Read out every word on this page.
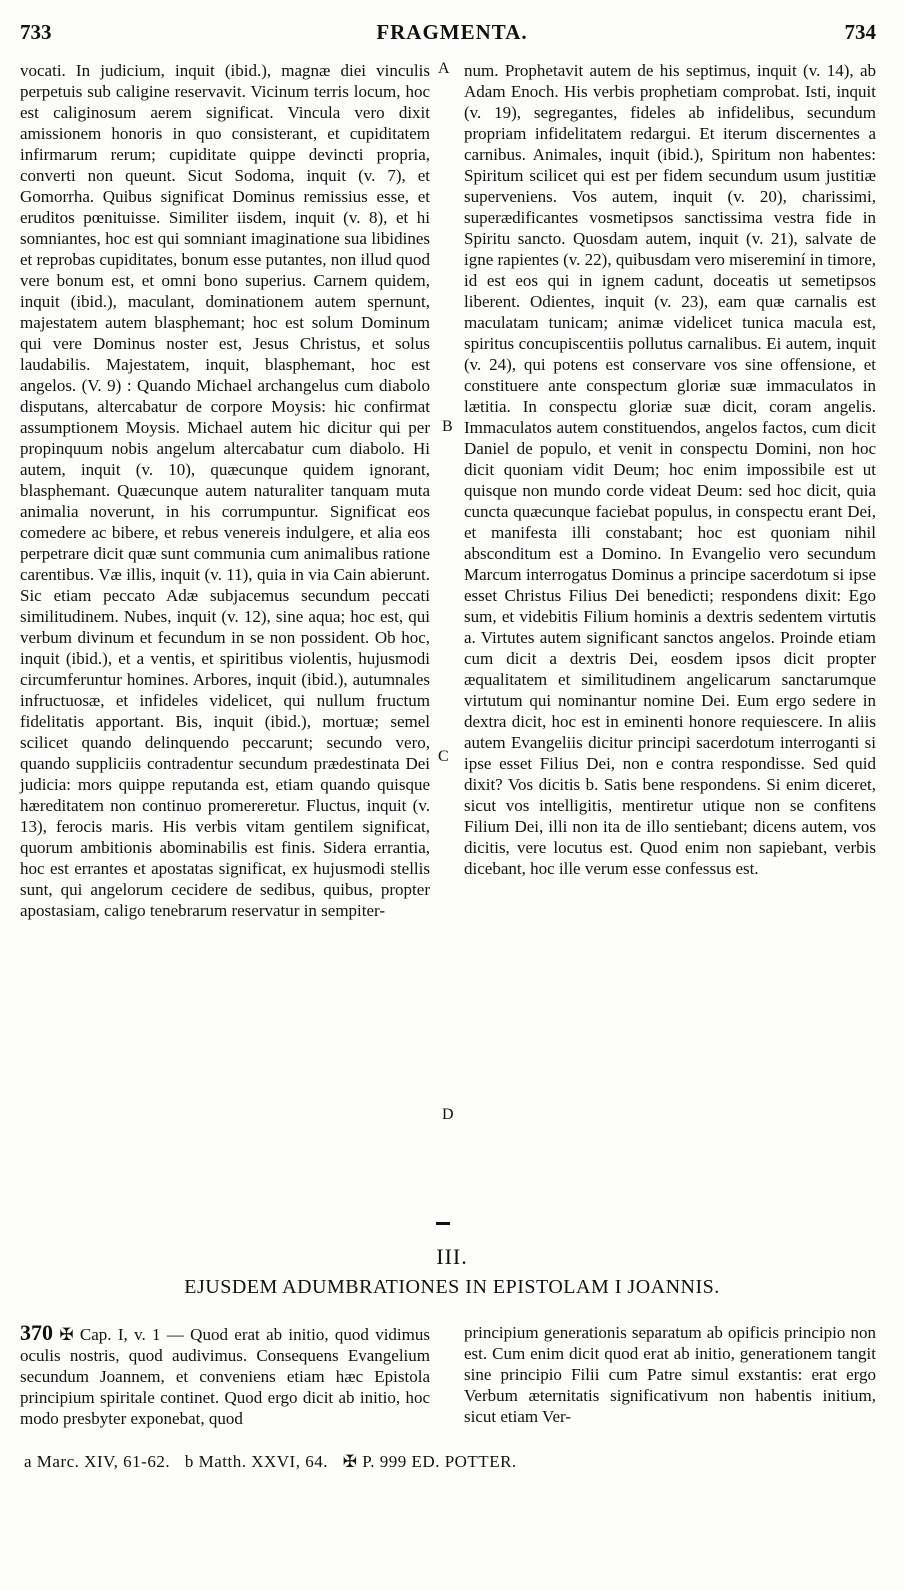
733	FRAGMENTA.	734

vocati. In judicium, inquit (ibid.), magnæ diei vinculis perpetuis sub caligine reservavit. Vicinum terris locum, hoc est caliginosum aerem significat. Vincula vero dixit amissionem honoris in quo consisterant, et cupiditatem infirmarum rerum; cupiditate quippe devincti propria, converti non queunt. Sicut Sodoma, inquit (v. 7), et Gomorrha. Quibus significat Dominus remissius esse, et eruditos pœnituisse. Similiter iisdem, inquit (v. 8), et hi somniantes, hoc est qui somniant imaginatione sua libidines et reprobas cupiditates, bonum esse putantes, non illud quod vere bonum est, et omni bono superius. Carnem quidem, inquit (ibid.), maculant, dominationem autem spernunt, majestatem autem blasphemant; hoc est solum Dominum qui vere Dominus noster est, Jesus Christus, et solus laudabilis. Majestatem, inquit, blasphemant, hoc est angelos. (V. 9) : Quando Michael archangelus cum diabolo disputans, altercabatur de corpore Moysis: hic confirmat assumptionem Moysis. Michael autem hic dicitur qui per propinquum nobis angelum altercabatur cum diabolo. Hi autem, inquit (v. 10), quæcunque quidem ignorant, blasphemant. Quæcunque autem naturaliter tanquam muta animalia noverunt, in his corrumpuntur. Significat eos comedere ac bibere, et rebus venereis indulgere, et alia eos perpetrare dicit quæ sunt communia cum animalibus ratione carentibus. Væ illis, inquit (v. 11), quia in via Cain abierunt. Sic etiam peccato Adæ subjacemus secundum peccati similitudinem. Nubes, inquit (v. 12), sine aqua; hoc est, qui verbum divinum et fecundum in se non possident. Ob hoc, inquit (ibid.), et a ventis, et spiritibus violentis, hujusmodi circumferuntur homines. Arbores, inquit (ibid.), autumnales infructuosæ, et infideles videlicet, qui nullum fructum fidelitatis apportant. Bis, inquit (ibid.), mortuæ; semel scilicet quando delinquendo peccarunt; secundo vero, quando suppliciis contradentur secundum prædestinata Dei judicia: mors quippe reputanda est, etiam quando quisque hæreditatem non continuo promereretur. Fluctus, inquit (v. 13), ferocis maris. His verbis vitam gentilem significat, quorum ambitionis abominabilis est finis. Sidera errantia, hoc est errantes et apostatas significat, ex hujusmodi stellis sunt, qui angelorum cecidere de sedibus, quibus, propter apostasiam, caligo tenebrarum reservatur in sempiter-

A
B
C
D

num. Prophetavit autem de his septimus, inquit (v. 14), ab Adam Enoch. His verbis prophetiam comprobat. Isti, inquit (v. 19), segregantes, fideles ab infidelibus, secundum propriam infidelitatem redargui. Et iterum discernentes a carnibus. Animales, inquit (ibid.), Spiritum non habentes: Spiritum scilicet qui est per fidem secundum usum justitiæ superveniens. Vos autem, inquit (v. 20), charissimi, superædificantes vosmetipsos sanctissima vestra fide in Spiritu sancto. Quosdam autem, inquit (v. 21), salvate de igne rapientes (v. 22), quibusdam vero misereminí in timore, id est eos qui in ignem cadunt, doceatis ut semetipsos liberent. Odientes, inquit (v. 23), eam quæ carnalis est maculatam tunicam; animæ videlicet tunica macula est, spiritus concupiscentiis pollutus carnalibus. Ei autem, inquit (v. 24), qui potens est conservare vos sine offensione, et constituere ante conspectum gloriæ suæ immaculatos in lætitia. In conspectu gloriæ suæ dicit, coram angelis. Immaculatos autem constituendos, angelos factos, cum dicit Daniel de populo, et venit in conspectu Domini, non hoc dicit quoniam vidit Deum; hoc enim impossibile est ut quisque non mundo corde videat Deum: sed hoc dicit, quia cuncta quæcunque faciebat populus, in conspectu erant Dei, et manifesta illi constabant; hoc est quoniam nihil absconditum est a Domino. In Evangelio vero secundum Marcum interrogatus Dominus a principe sacerdotum si ipse esset Christus Filius Dei benedicti; respondens dixit: Ego sum, et videbitis Filium hominis a dextris sedentem virtutis a. Virtutes autem significant sanctos angelos. Proinde etiam cum dicit a dextris Dei, eosdem ipsos dicit propter æqualitatem et similitudinem angelicarum sanctarumque virtutum qui nominantur nomine Dei. Eum ergo sedere in dextra dicit, hoc est in eminenti honore requiescere. In aliis autem Evangeliis dicitur principi sacerdotum interroganti si ipse esset Filius Dei, non e contra respondisse. Sed quid dixit? Vos dicitis b. Satis bene respondens. Si enim diceret, sicut vos intelligitis, mentiretur utique non se confitens Filium Dei, illi non ita de illo sentiebant; dicens autem, vos dicitis, vere locutus est. Quod enim non sapiebant, verbis dicebant, hoc ille verum esse confessus est.

III.
EJUSDEM ADUMBRATIONES IN EPISTOLAM I JOANNIS.

370 ✠ Cap. I, v. 1 — Quod erat ab initio, quod vidimus oculis nostris, quod audivimus. Consequens Evangelium secundum Joannem, et conveniens etiam hæc Epistola principium spiritale continet. Quod ergo dicit ab initio, hoc modo presbyter exponebat, quod

principium generationis separatum ab opificis principio non est. Cum enim dicit quod erat ab initio, generationem tangit sine principio Filii cum Patre simul exstantis: erat ergo Verbum æternitatis significativum non habentis initium, sicut etiam Ver-

a Marc. XIV, 61-62. b Matth. XXVI, 64. ✠ P. 999 ED. POTTER.
